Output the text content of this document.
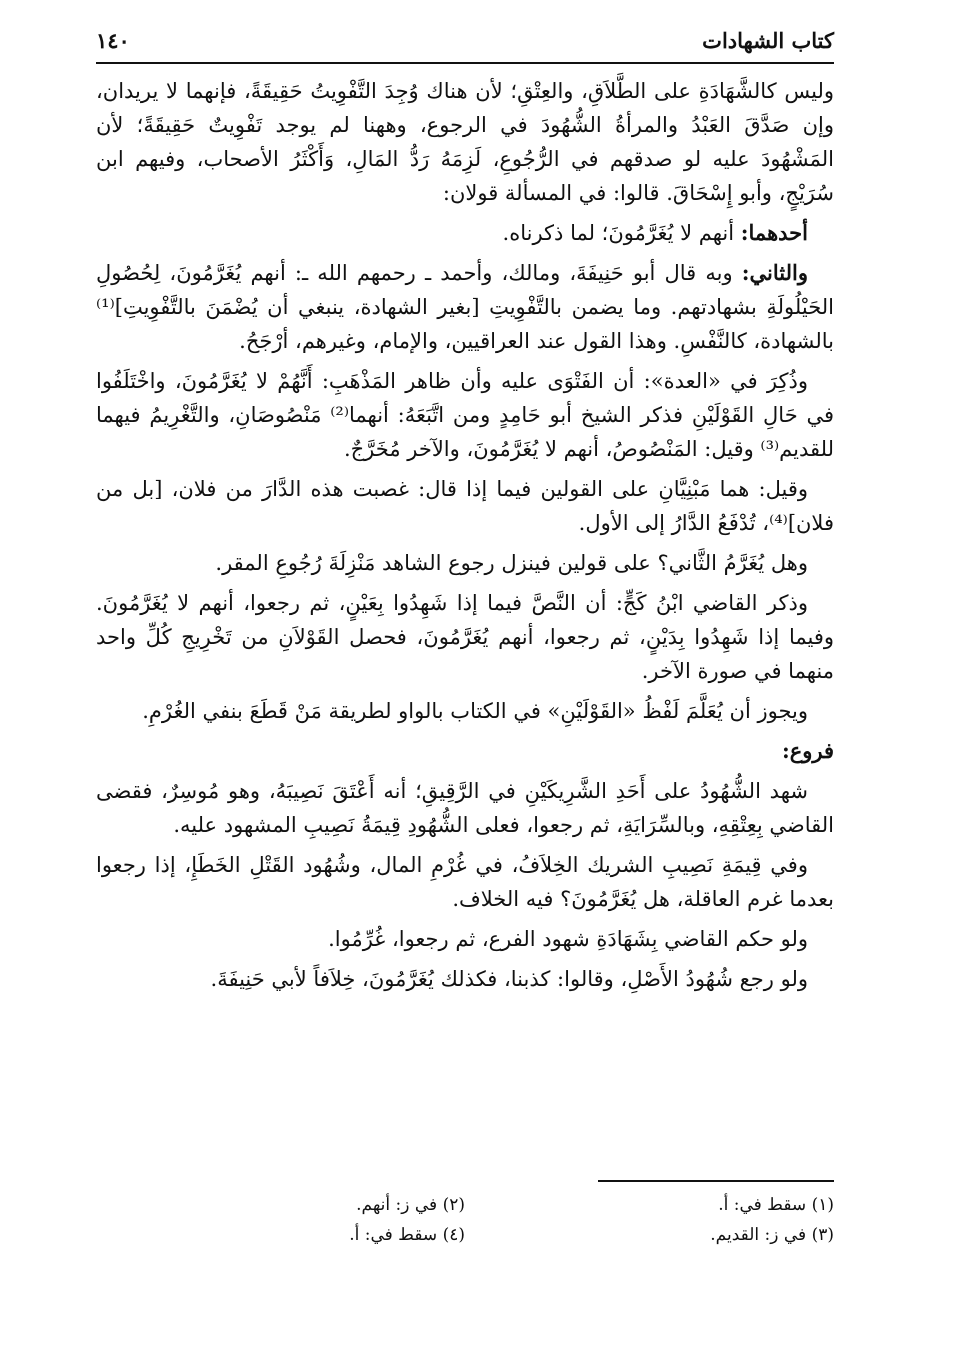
كتاب الشهادات
١٤٠

وليس كالشَّهَادَةِ على الطَّلاَقِ، والعِتْقِ؛ لأن هناك وُجِدَ التَّفْوِيتُ حَقِيقَةً، فإنهما لا يريدان، وإن صَدَّقَ العَبْدُ والمرأةُ الشُّهُودَ في الرجوع، وههنا لم يوجد تَفْوِيتٌ حَقِيقَةً؛ لأن المَشْهُودَ عليه لو صدقهم في الرُّجُوعِ، لَزِمَهُ رَدُّ المَالِ، وَأَكْثَرُ الأصحاب، وفيهم ابن سُرَيْجٍ، وأبو إِسْحَاقَ. قالوا: في المسألة قولان:

أحدهما: أنهم لا يُغَرَّمُونَ؛ لما ذكرناه.

والثاني: وبه قال أبو حَنِيفَةَ، ومالك، وأحمد ـ رحمهم الله ـ: أنهم يُغَرَّمُونَ، لِحُصُولِ الحَيْلُولَةِ بشهادتهم. وما يضمن بالتَّفْوِيتِ [بغير الشهادة، ينبغي أن يُضْمَنَ بالتَّفْوِيتِ]⁽¹⁾ بالشهادة، كالنَّفْسِ. وهذا القول عند العراقيين، والإمام، وغيرهم، أرْجَحُ.

وذُكِرَ في «العدة»: أن الفَتْوَى عليه وأن ظاهر المَذْهَبِ: أَنَّهُمْ لا يُغَرَّمُونَ، واخْتَلَفُوا في حَالِ القَوْلَيْنِ فذكر الشيخ أبو حَامِدٍ ومن اتَّبَعَهُ: أنهما⁽²⁾ مَنْصُوصَانِ، والتَّغْرِيمُ فيهما للقديم⁽³⁾ وقيل: المَنْصُوصُ، أنهم لا يُغَرَّمُونَ، والآخر مُخَرَّجٌ.

وقيل: هما مَبْنِيَّانِ على القولين فيما إذا قال: غصبت هذه الدَّارَ من فلان، [بل من فلان]⁽⁴⁾، تُدْفَعُ الدَّارُ إلى الأول.

وهل يُغَرَّمُ الثَّاني؟ على قولين فينزل رجوع الشاهد مَنْزِلَةَ رُجُوعِ المقر.

وذكر القاضي ابْنُ كَجٍّ: أن النَّصَّ فيما إذا شَهِدُوا بِعَيْنٍ، ثم رجعوا، أنهم لا يُغَرَّمُونَ. وفيما إذا شَهِدُوا بِدَيْنٍ، ثم رجعوا، أنهم يُغَرَّمُونَ، فحصل القَوْلاَنِ من تَخْرِيجِ كُلِّ واحد منهما في صورة الآخر.

ويجوز أن يُعَلَّمَ لَفْظُ «القَوْلَيْنِ» في الكتاب بالواو لطريقة مَنْ قَطَعَ بنفي الغُرْمِ.

فروع:

شهد الشُّهُودُ على أَحَدِ الشَّرِيكَيْنِ في الرَّقِيقِ؛ أنه أَعْتَقَ نَصِيبَهُ، وهو مُوسِرٌ، فقضى القاضي بِعِتْقِهِ، وبالسِّرَايَةِ، ثم رجعوا، فعلى الشُّهُودِ قِيمَةُ نَصِيبِ المشهود عليه.

وفي قِيمَةِ نَصِيبِ الشريك الخِلاَفُ، في غُرْمِ المال، وشُهُود القَتْلِ الخَطَإِ، إذا رجعوا بعدما غرم العاقلة، هل يُغَرَّمُونَ؟ فيه الخلاف.

ولو حكم القاضي بِشَهَادَةِ شهود الفرع، ثم رجعوا، غُرِّمُوا.

ولو رجع شُهُودُ الأَصْلِ، وقالوا: كذبنا، فكذلك يُغَرَّمُونَ، خِلاَفاً لأبي حَنِيفَةَ.

(١) سقط في: أ.
(٢) في ز: أنهم.
(٣) في ز: القديم.
(٤) سقط في: أ.
